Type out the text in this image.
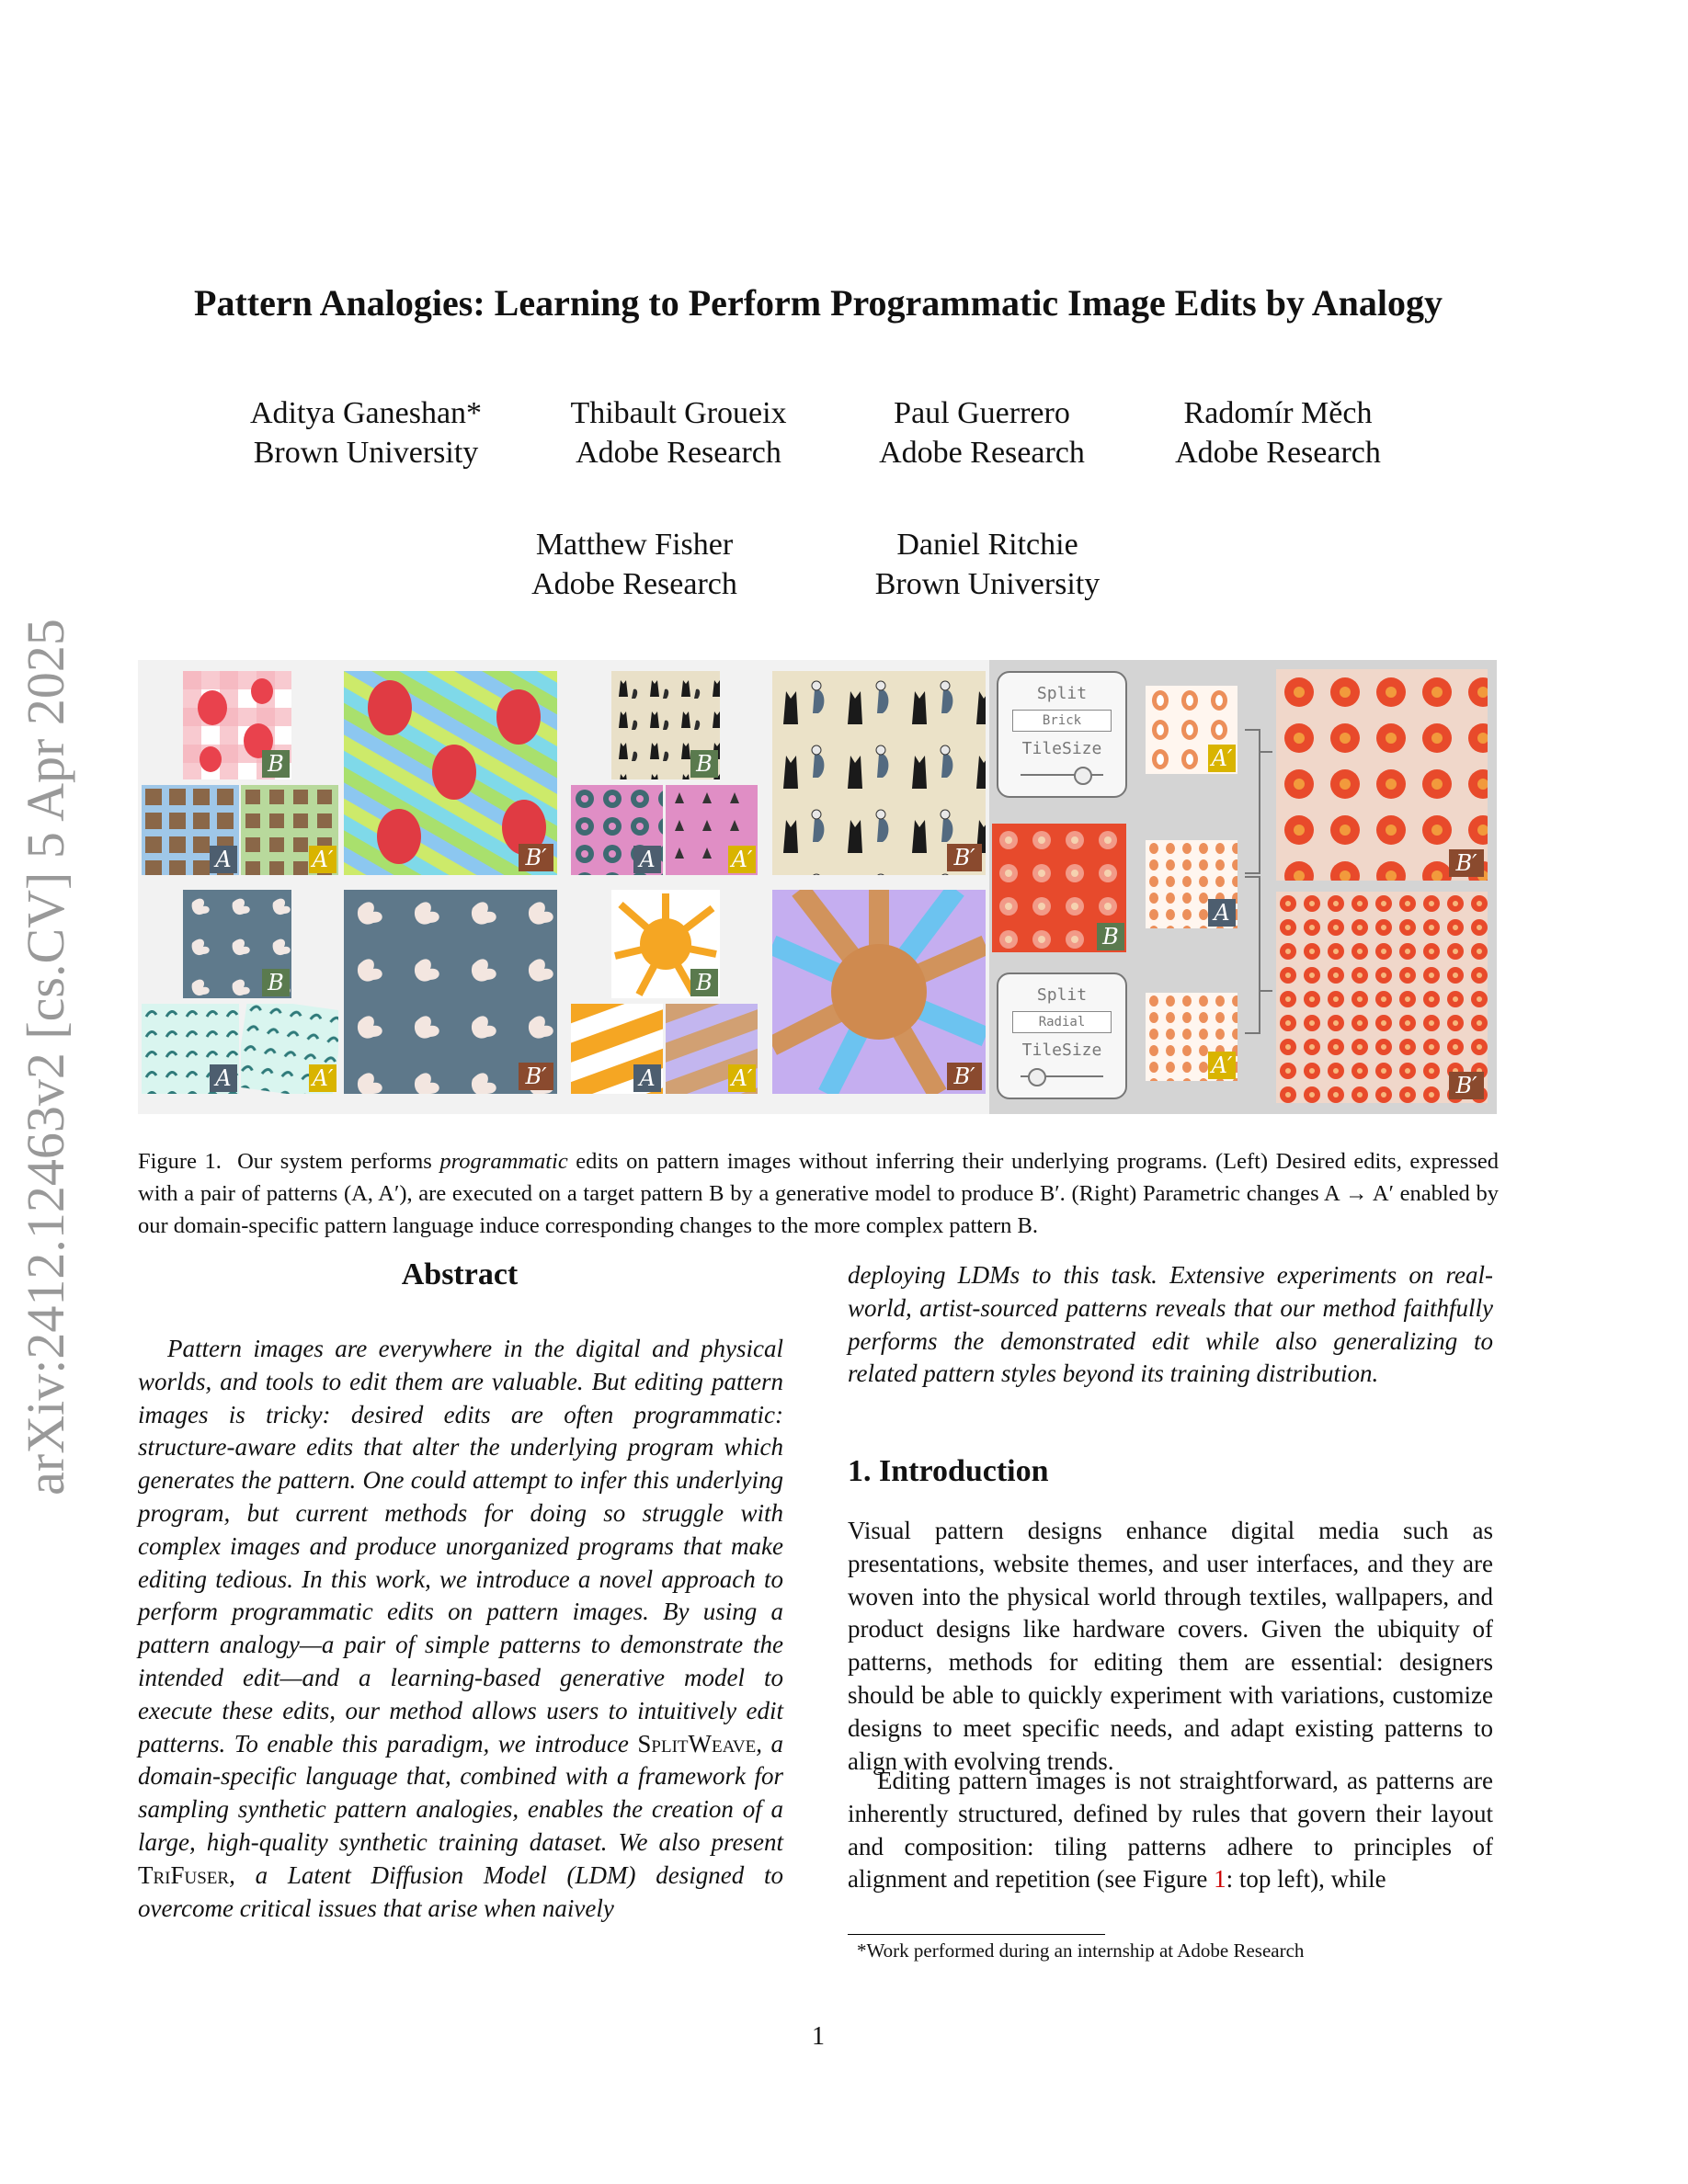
arXiv:2412.12463v2 [cs.CV] 5 Apr 2025
Pattern Analogies: Learning to Perform Programmatic Image Edits by Analogy
Aditya Ganeshan*
Brown University
Thibault Groueix
Adobe Research
Paul Guerrero
Adobe Research
Radomír Měch
Adobe Research
Matthew Fisher
Adobe Research
Daniel Ritchie
Brown University
B
A	A′	B′
B
A	A′	B′
B
A	A′	B′
B
A	A′	B′
Split
Brick
TileSize
Split
Radial
TileSize
B
A′
A
A′
B′
B′
Figure 1. Our system performs programmatic edits on pattern images without inferring their underlying programs. (Left) Desired edits, expressed with a pair of patterns (A, A′), are executed on a target pattern B by a generative model to produce B′. (Right) Parametric changes A → A′ enabled by our domain-specific pattern language induce corresponding changes to the more complex pattern B.
Abstract
Pattern images are everywhere in the digital and physical worlds, and tools to edit them are valuable. But editing pattern images is tricky: desired edits are often programmatic: structure-aware edits that alter the underlying program which generates the pattern. One could attempt to infer this underlying program, but current methods for doing so struggle with complex images and produce unorganized programs that make editing tedious. In this work, we introduce a novel approach to perform programmatic edits on pattern images. By using a pattern analogy—a pair of simple patterns to demonstrate the intended edit—and a learning-based generative model to execute these edits, our method allows users to intuitively edit patterns. To enable this paradigm, we introduce SplitWeave, a domain-specific language that, combined with a framework for sampling synthetic pattern analogies, enables the creation of a large, high-quality synthetic training dataset. We also present TriFuser, a Latent Diffusion Model (LDM) designed to overcome critical issues that arise when naively
deploying LDMs to this task. Extensive experiments on real-world, artist-sourced patterns reveals that our method faithfully performs the demonstrated edit while also generalizing to related pattern styles beyond its training distribution.
1. Introduction
Visual pattern designs enhance digital media such as presentations, website themes, and user interfaces, and they are woven into the physical world through textiles, wallpapers, and product designs like hardware covers. Given the ubiquity of patterns, methods for editing them are essential: designers should be able to quickly experiment with variations, customize designs to meet specific needs, and adapt existing patterns to align with evolving trends.
Editing pattern images is not straightforward, as patterns are inherently structured, defined by rules that govern their layout and composition: tiling patterns adhere to principles of alignment and repetition (see Figure 1: top left), while
*Work performed during an internship at Adobe Research
1
